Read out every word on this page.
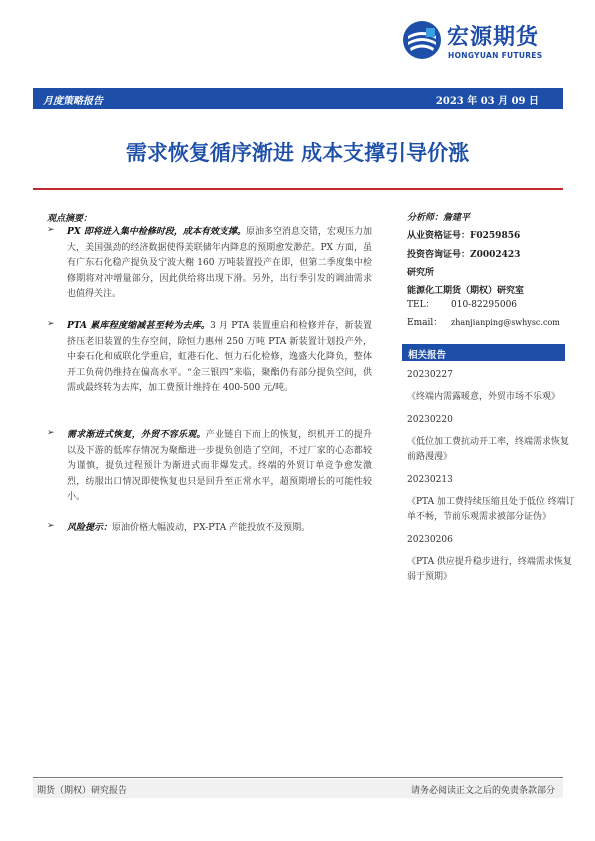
宏源期货
HONGYUAN FUTURES
月度策略报告	2023 年 03 月 09 日
需求恢复循序渐进 成本支撑引导价涨
观点摘要：
➢ PX 即将进入集中检修时段，成本有效支撑。原油多空消息交错，宏观压力加大，美国强劲的经济数据使得美联储年内降息的预期愈发渺茫。PX 方面，虽有广东石化稳产提负及宁波大榭 160 万吨装置投产在即，但第二季度集中检修期将对冲增量部分，因此供给将出现下滑。另外，出行季引发的调油需求也值得关注。

➢ PTA 累库程度缩减甚至转为去库。3 月 PTA 装置重启和检修并存，新装置挤压老旧装置的生存空间，除恒力惠州 250 万吨 PTA 新装置计划投产外，中泰石化和威联化学重启，虹港石化、恒力石化检修，逸盛大化降负，整体开工负荷仍维持在偏高水平。“金三银四”来临，聚酯仍有部分提负空间，供需或最终转为去库，加工费预计维持在 400-500 元/吨。

➢ 需求渐进式恢复，外贸不容乐观。产业链自下而上的恢复，织机开工的提升以及下游的低库存情况为聚酯进一步提负创造了空间，不过厂家的心态都较为谨慎，提负过程预计为渐进式而非爆发式。终端的外贸订单竞争愈发激烈，纺服出口情况即使恢复也只是回升至正常水平，超预期增长的可能性较小。

➢ 风险提示：原油价格大幅波动，PX-PTA 产能投放不及预期。

分析师：詹建平
从业资格证号：F0259856
投资咨询证号：Z0002423
研究所
能源化工期货（期权）研究室
TEL： 010-82295006
Email： zhanjianping@swhysc.com
相关报告
20230227
《终端内需露暖意，外贸市场不乐观》
20230220
《低位加工费抗动开工率，终端需求恢复前路漫漫》
20230213
《PTA 加工费持续压缩且处于低位 终端订单不畅，节前乐观需求被部分证伪》
20230206
《PTA 供应提升稳步进行，终端需求恢复弱于预期》
期货（期权）研究报告	请务必阅读正文之后的免责条款部分
